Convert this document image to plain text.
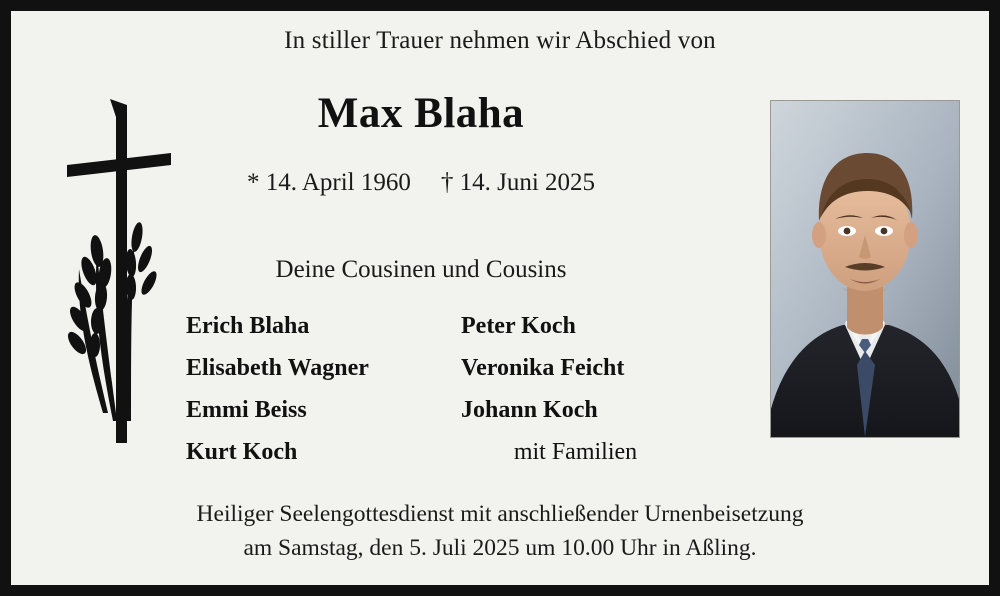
In stiller Trauer nehmen wir Abschied von
Max Blaha
* 14. April 1960 † 14. Juni 2025
Deine Cousinen und Cousins
Erich Blaha
Elisabeth Wagner
Emmi Beiss
Kurt Koch
Peter Koch
Veronika Feicht
Johann Koch
mit Familien
Heiliger Seelengottesdienst mit anschließender Urnenbeisetzung
am Samstag, den 5. Juli 2025 um 10.00 Uhr in Aßling.
